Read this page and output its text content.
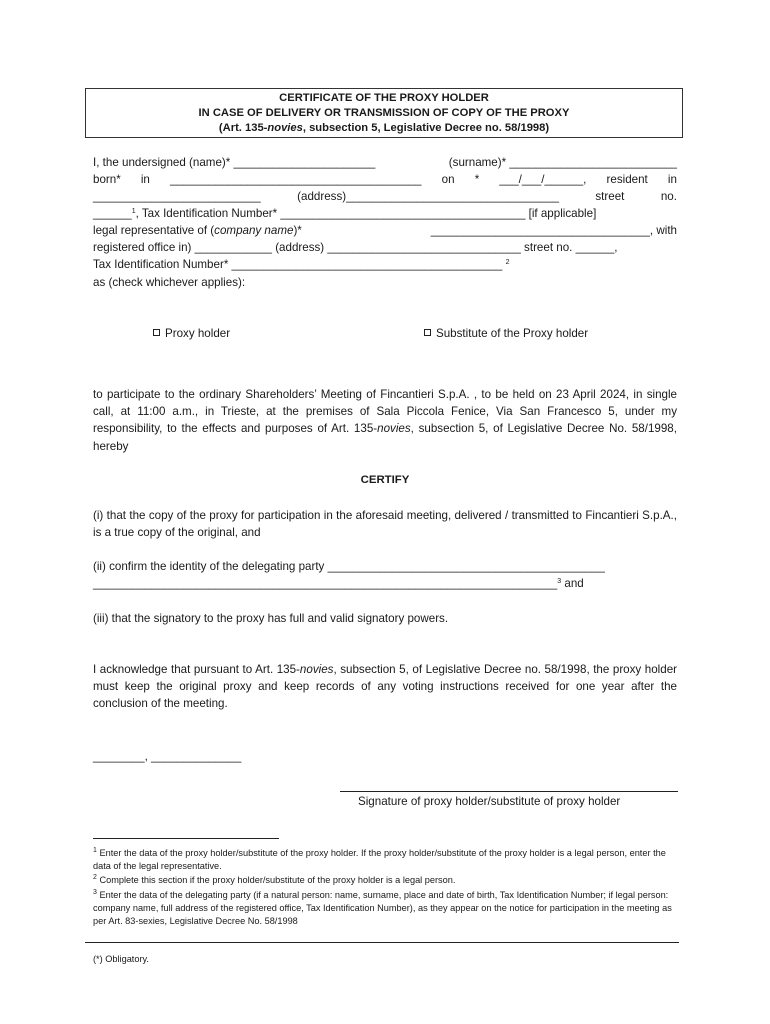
CERTIFICATE OF THE PROXY HOLDER
IN CASE OF DELIVERY OR TRANSMISSION OF COPY OF THE PROXY
(Art. 135-novies, subsection 5, Legislative Decree no. 58/1998)
I, the undersigned (name)* ______________________	(surname)* __________________________
born* in _______________________________________ on * ___/___/______, resident in
__________________________	(address)_________________________________	street	no.
______$^1$, Tax Identification Number* ______________________________________ [if applicable]
legal representative of (company name)*	__________________________________, with
registered office in) ____________ (address) ______________________________ street no. ______,
Tax Identification Number* __________________________________________ $^2$
as (check whichever applies):
Proxy holder	Substitute of the Proxy holder
to participate to the ordinary Shareholders’ Meeting of Fincantieri S.p.A. , to be held on 23 April 2024, in single call, at 11:00 a.m., in Trieste, at the premises of Sala Piccola Fenice, Via San Francesco 5, under my responsibility, to the effects and purposes of Art. 135-novies, subsection 5, of Legislative Decree No. 58/1998, hereby
CERTIFY
(i) that the copy of the proxy for participation in the aforesaid meeting, delivered / transmitted to Fincantieri S.p.A., is a true copy of the original, and
(ii) confirm the identity of the delegating party ___________________________________________
________________________________________________________________________$^3$ and
(iii) that the signatory to the proxy has full and valid signatory powers.
I acknowledge that pursuant to Art. 135-novies, subsection 5, of Legislative Decree no. 58/1998, the proxy holder must keep the original proxy and keep records of any voting instructions received for one year after the conclusion of the meeting.
________, ______________
Signature of proxy holder/substitute of proxy holder
$^1$ Enter the data of the proxy holder/substitute of the proxy holder. If the proxy holder/substitute of the proxy holder is a legal person, enter the data of the legal representative.
$^2$ Complete this section if the proxy holder/substitute of the proxy holder is a legal person.
$^3$ Enter the data of the delegating party (if a natural person: name, surname, place and date of birth, Tax Identification Number; if legal person: company name, full address of the registered office, Tax Identification Number), as they appear on the notice for participation in the meeting as per Art. 83-sexies, Legislative Decree No. 58/1998
(*) Obligatory.
